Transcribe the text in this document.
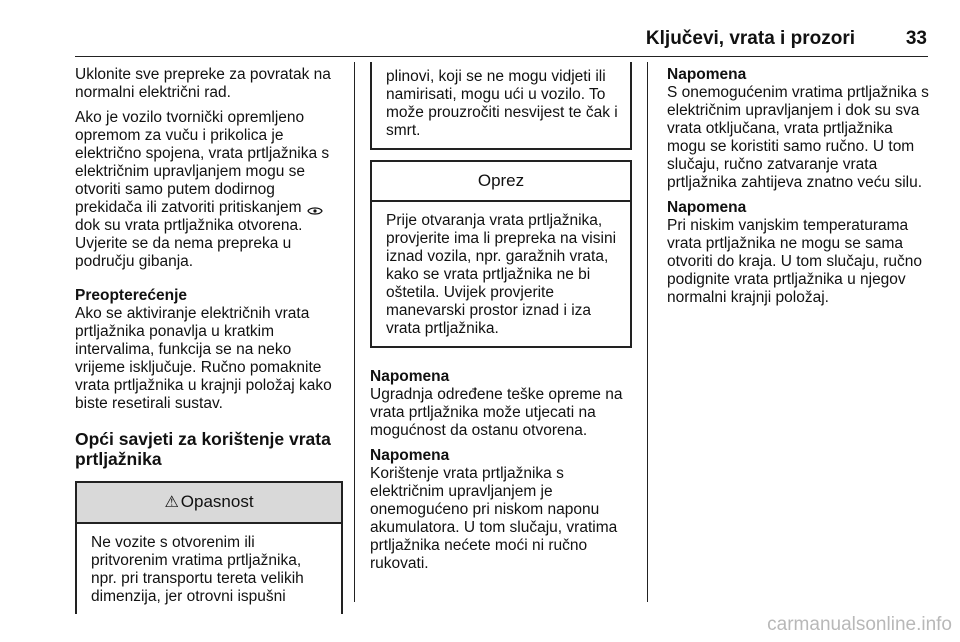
Ključevi, vrata i prozori	33

Uklonite sve prepreke za povratak na normalni električni rad.

Ako je vozilo tvornički opremljeno opremom za vuču i prikolica je električno spojena, vrata prtljažnika s električnim upravljanjem mogu se otvoriti samo putem dodirnog prekidača ili zatvoriti pritiskanjem  dok su vrata prtljažnika otvorena. Uvjerite se da nema prepreka u području gibanja.

Preopterećenje

Ako se aktiviranje električnih vrata prtljažnika ponavlja u kratkim intervalima, funkcija se na neko vrijeme isključuje. Ručno pomaknite vrata prtljažnika u krajnji položaj kako biste resetirali sustav.

Opći savjeti za korištenje vrata prtljažnika
⚠ Opasnost
Ne vozite s otvorenim ili pritvorenim vratima prtljažnika, npr. pri transportu tereta velikih dimenzija, jer otrovni ispušni
plinovi, koji se ne mogu vidjeti ili namirisati, mogu ući u vozilo. To može prouzročiti nesvijest te čak i smrt.
Oprez
Prije otvaranja vrata prtljažnika, provjerite ima li prepreka na visini iznad vozila, npr. garažnih vrata, kako se vrata prtljažnika ne bi oštetila. Uvijek provjerite manevarski prostor iznad i iza vrata prtljažnika.

Napomena

Ugradnja određene teške opreme na vrata prtljažnika može utjecati na mogućnost da ostanu otvorena.

Napomena

Korištenje vrata prtljažnika s električnim upravljanjem je onemogućeno pri niskom naponu akumulatora. U tom slučaju, vratima prtljažnika nećete moći ni ručno rukovati.

Napomena

S onemogućenim vratima prtljažnika s električnim upravljanjem i dok su sva vrata otključana, vrata prtljažnika mogu se koristiti samo ručno. U tom slučaju, ručno zatvaranje vrata prtljažnika zahtijeva znatno veću silu.

Napomena

Pri niskim vanjskim temperaturama vrata prtljažnika ne mogu se sama otvoriti do kraja. U tom slučaju, ručno podignite vrata prtljažnika u njegov normalni krajnji položaj.

carmanualsonline.info
